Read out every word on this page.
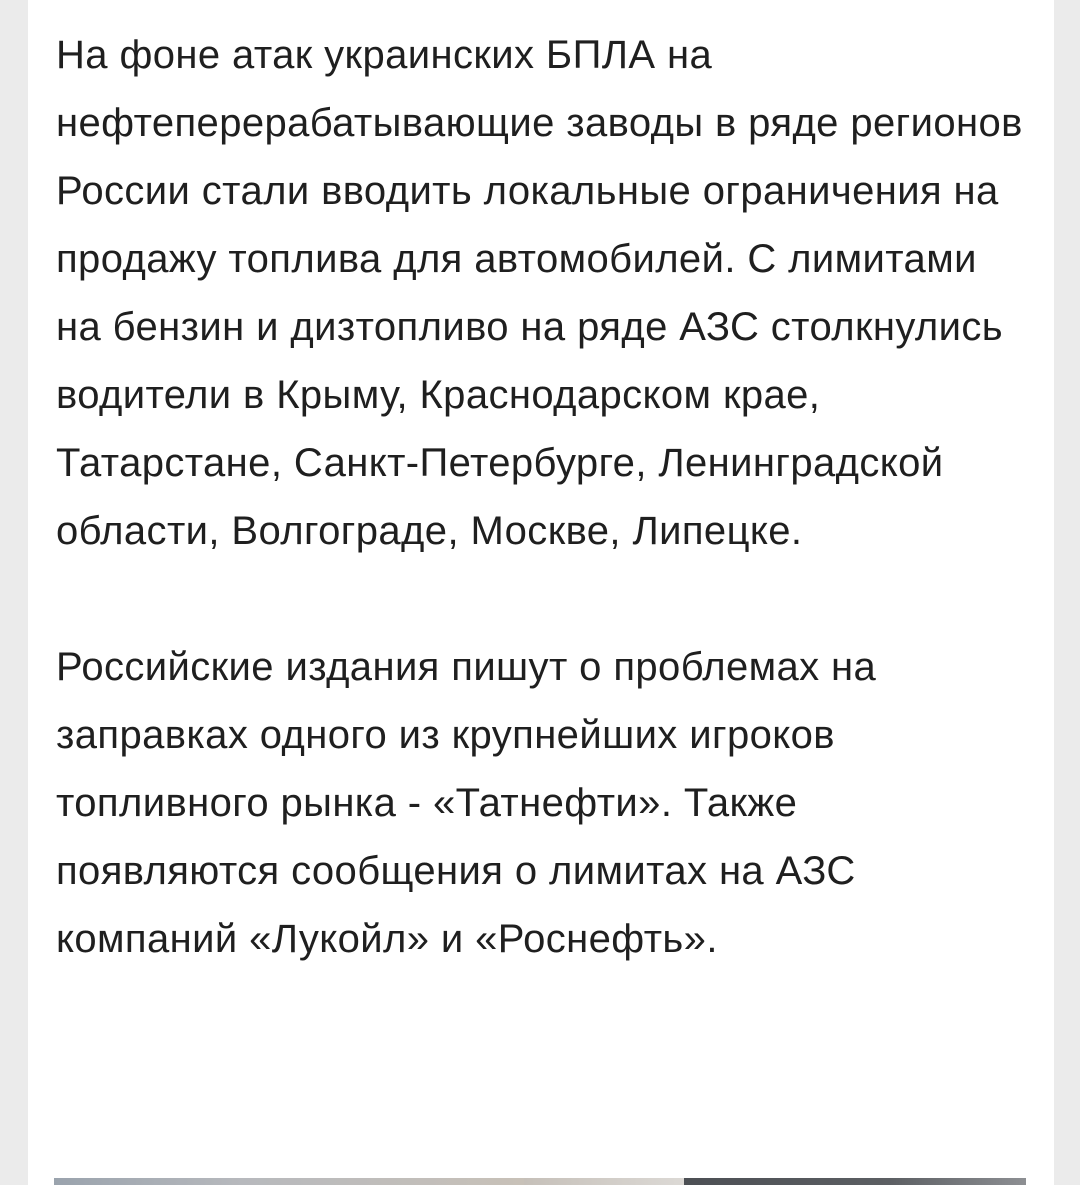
На фоне атак украинских БПЛА на нефтеперерабатывающие заводы в ряде регионов России стали вводить локальные ограничения на продажу топлива для автомобилей. С лимитами на бензин и дизтопливо на ряде АЗС столкнулись водители в Крыму, Краснодарском крае, Татарстане, Санкт-Петербурге, Ленинградской области, Волгограде, Москве, Липецке.

Российские издания пишут о проблемах на заправках одного из крупнейших игроков топливного рынка - «Татнефти». Также появляются сообщения о лимитах на АЗС компаний «Лукойл» и «Роснефть».
